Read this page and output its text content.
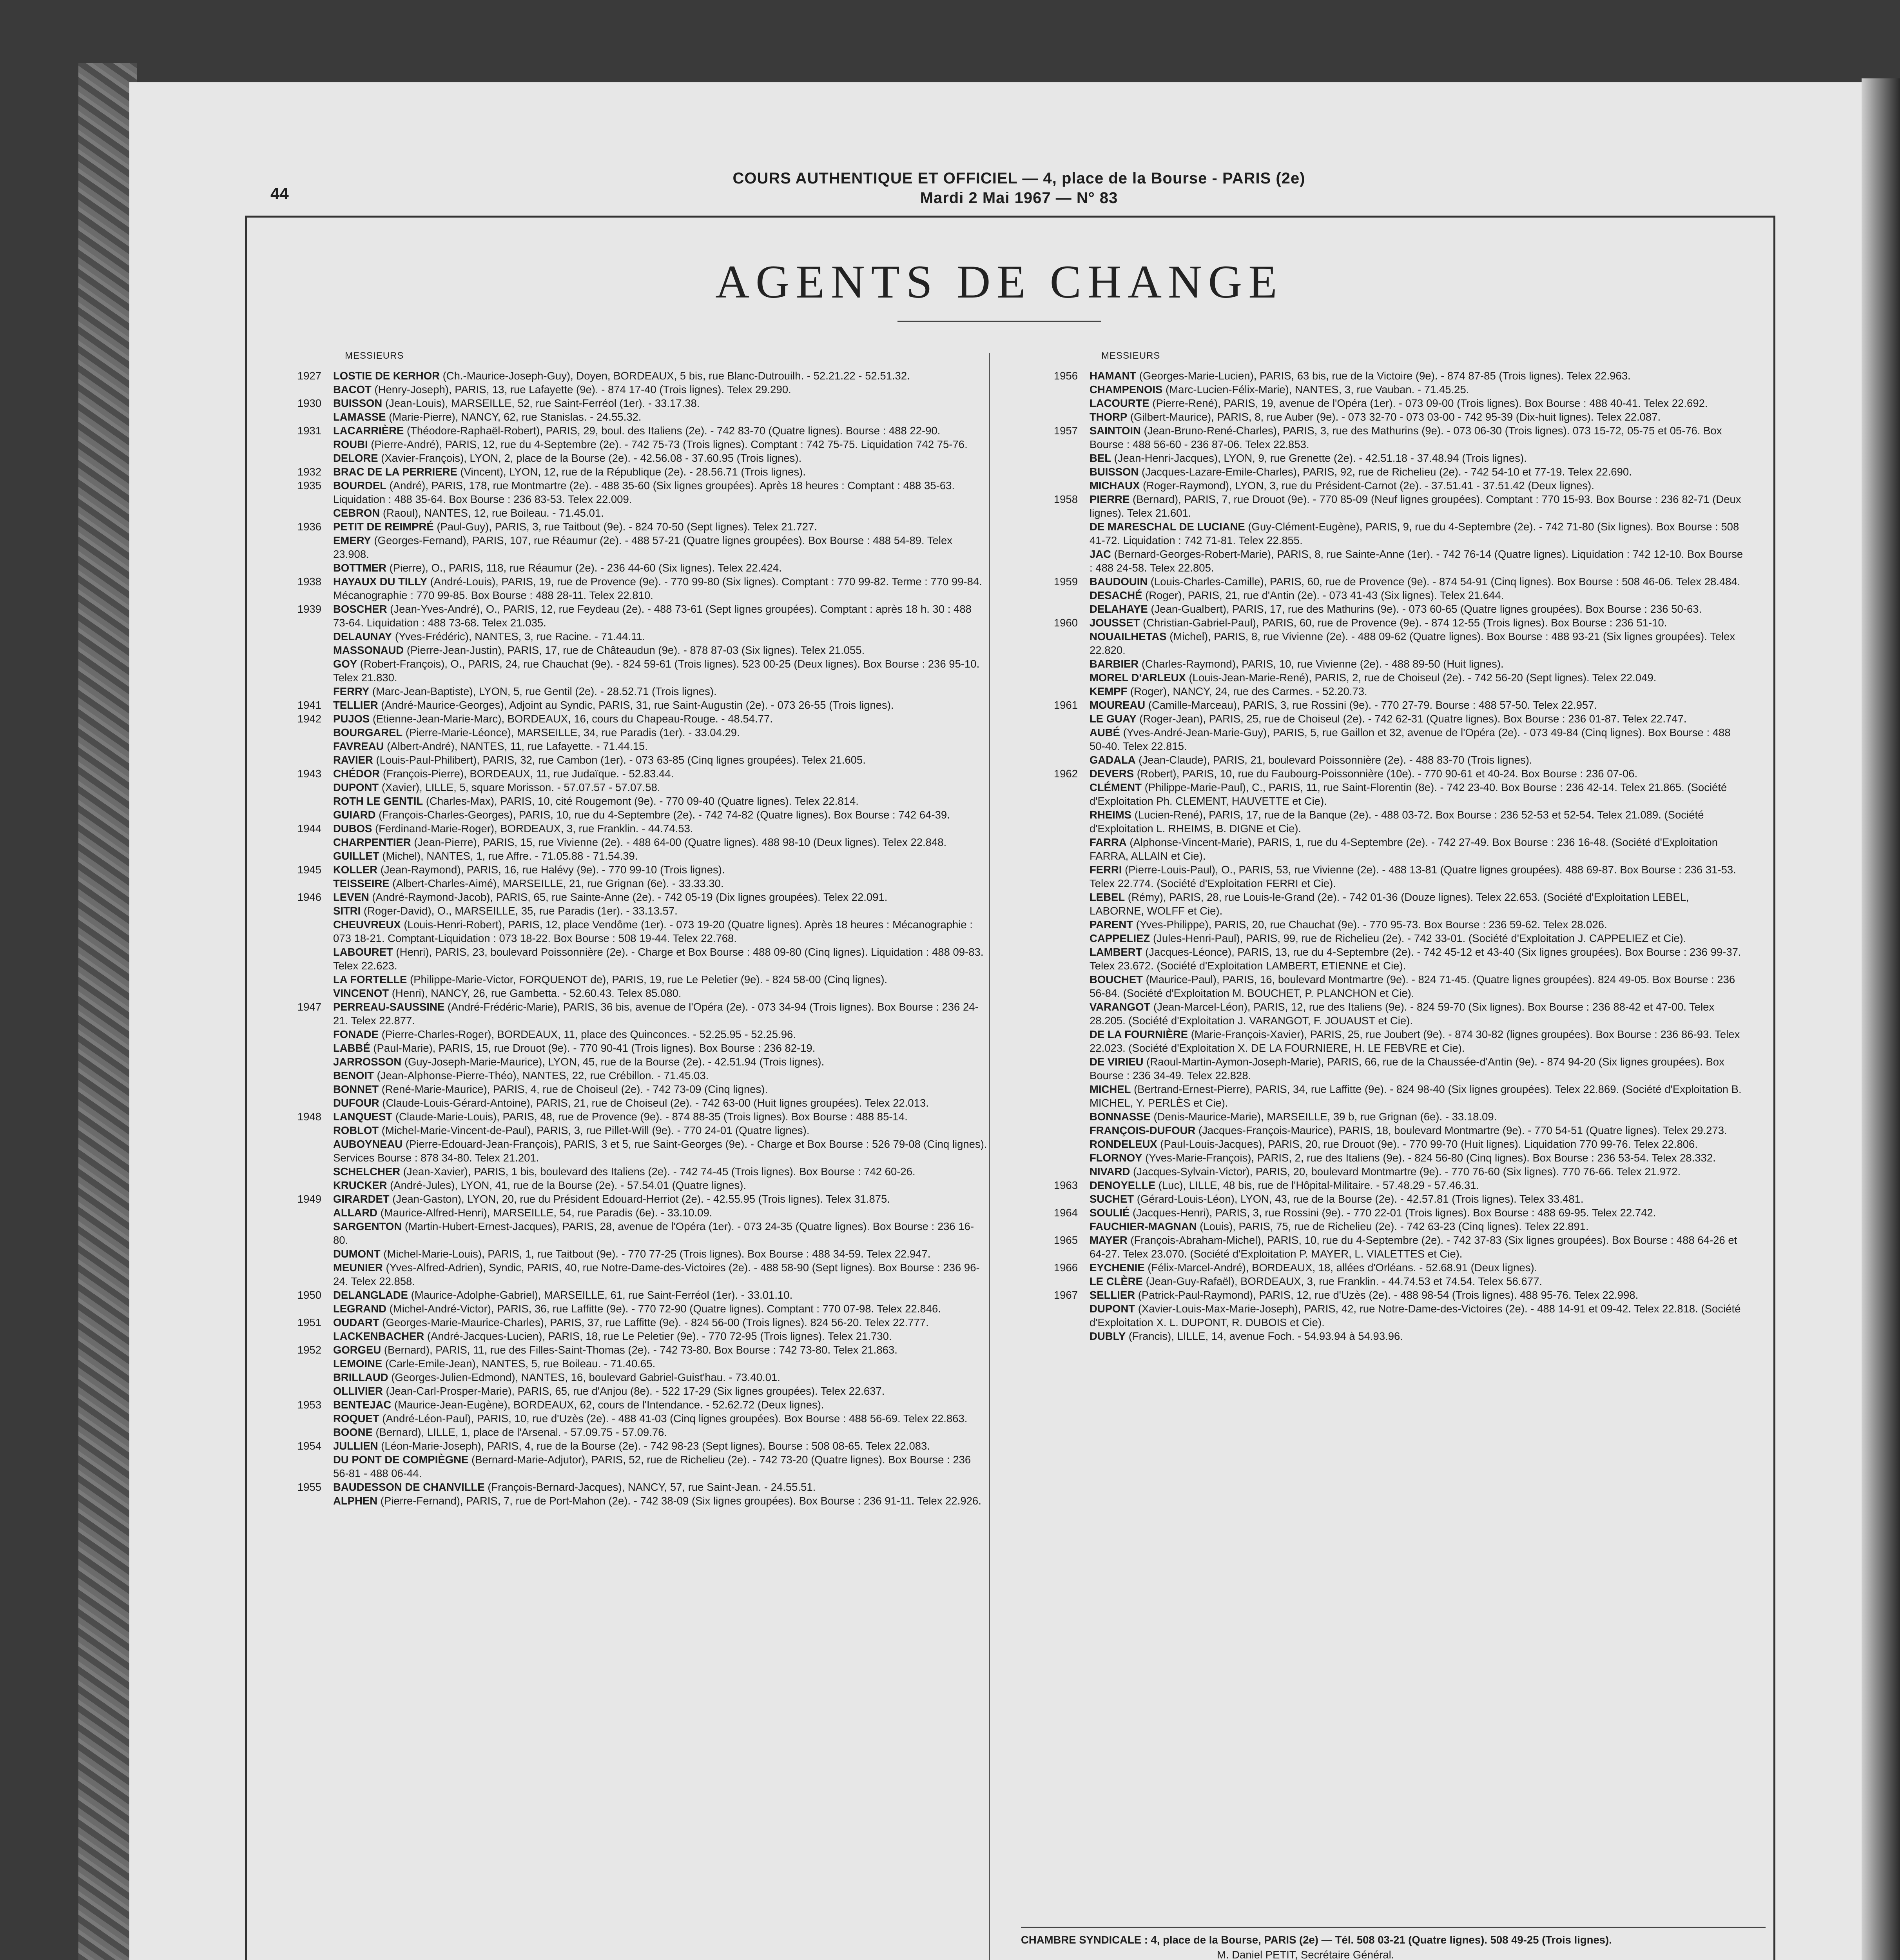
44
COURS AUTHENTIQUE ET OFFICIEL — 4, place de la Bourse - PARIS (2e)
Mardi 2 Mai 1967 — N° 83
AGENTS DE CHANGE
MESSIEURS

1927 LOSTIE DE KERHOR (Ch.-Maurice-Joseph-Guy), Doyen, BORDEAUX, 5 bis, rue Blanc-Dutrouilh. - 52.21.22 - 52.51.32.

BACOT (Henry-Joseph), PARIS, 13, rue Lafayette (9e). - 874 17-40 (Trois lignes). Telex 29.290.

1930 BUISSON (Jean-Louis), MARSEILLE, 52, rue Saint-Ferréol (1er). - 33.17.38.

LAMASSE (Marie-Pierre), NANCY, 62, rue Stanislas. - 24.55.32.

1931 LACARRIÈRE (Théodore-Raphaël-Robert), PARIS, 29, boul. des Italiens (2e). - 742 83-70 (Quatre lignes). Bourse : 488 22-90.

ROUBI (Pierre-André), PARIS, 12, rue du 4-Septembre (2e). - 742 75-73 (Trois lignes). Comptant : 742 75-75. Liquidation 742 75-76.

DELORE (Xavier-François), LYON, 2, place de la Bourse (2e). - 42.56.08 - 37.60.95 (Trois lignes).

1932 BRAC DE LA PERRIERE (Vincent), LYON, 12, rue de la République (2e). - 28.56.71 (Trois lignes).

1935 BOURDEL (André), PARIS, 178, rue Montmartre (2e). - 488 35-60 (Six lignes groupées). Après 18 heures : Comptant : 488 35-63. Liquidation : 488 35-64. Box Bourse : 236 83-53. Telex 22.009.

CEBRON (Raoul), NANTES, 12, rue Boileau. - 71.45.01.

1936 PETIT DE REIMPRÉ (Paul-Guy), PARIS, 3, rue Taitbout (9e). - 824 70-50 (Sept lignes). Telex 21.727.

EMERY (Georges-Fernand), PARIS, 107, rue Réaumur (2e). - 488 57-21 (Quatre lignes groupées). Box Bourse : 488 54-89. Telex 23.908.

BOTTMER (Pierre), O., PARIS, 118, rue Réaumur (2e). - 236 44-60 (Six lignes). Telex 22.424.

1938 HAYAUX DU TILLY (André-Louis), PARIS, 19, rue de Provence (9e). - 770 99-80 (Six lignes). Comptant : 770 99-82. Terme : 770 99-84. Mécanographie : 770 99-85. Box Bourse : 488 28-11. Telex 22.810.

1939 BOSCHER (Jean-Yves-André), O., PARIS, 12, rue Feydeau (2e). - 488 73-61 (Sept lignes groupées). Comptant : après 18 h. 30 : 488 73-64. Liquidation : 488 73-68. Telex 21.035.

DELAUNAY (Yves-Frédéric), NANTES, 3, rue Racine. - 71.44.11.

MASSONAUD (Pierre-Jean-Justin), PARIS, 17, rue de Châteaudun (9e). - 878 87-03 (Six lignes). Telex 21.055.

GOY (Robert-François), O., PARIS, 24, rue Chauchat (9e). - 824 59-61 (Trois lignes). 523 00-25 (Deux lignes). Box Bourse : 236 95-10. Telex 21.830.

FERRY (Marc-Jean-Baptiste), LYON, 5, rue Gentil (2e). - 28.52.71 (Trois lignes).

1941 TELLIER (André-Maurice-Georges), Adjoint au Syndic, PARIS, 31, rue Saint-Augustin (2e). - 073 26-55 (Trois lignes).

1942 PUJOS (Etienne-Jean-Marie-Marc), BORDEAUX, 16, cours du Chapeau-Rouge. - 48.54.77.

BOURGAREL (Pierre-Marie-Léonce), MARSEILLE, 34, rue Paradis (1er). - 33.04.29.

FAVREAU (Albert-André), NANTES, 11, rue Lafayette. - 71.44.15.

RAVIER (Louis-Paul-Philibert), PARIS, 32, rue Cambon (1er). - 073 63-85 (Cinq lignes groupées). Telex 21.605.

1943 CHÉDOR (François-Pierre), BORDEAUX, 11, rue Judaïque. - 52.83.44.

DUPONT (Xavier), LILLE, 5, square Morisson. - 57.07.57 - 57.07.58.

ROTH LE GENTIL (Charles-Max), PARIS, 10, cité Rougemont (9e). - 770 09-40 (Quatre lignes). Telex 22.814.

GUIARD (François-Charles-Georges), PARIS, 10, rue du 4-Septembre (2e). - 742 74-82 (Quatre lignes). Box Bourse : 742 64-39.

1944 DUBOS (Ferdinand-Marie-Roger), BORDEAUX, 3, rue Franklin. - 44.74.53.

CHARPENTIER (Jean-Pierre), PARIS, 15, rue Vivienne (2e). - 488 64-00 (Quatre lignes). 488 98-10 (Deux lignes). Telex 22.848.

GUILLET (Michel), NANTES, 1, rue Affre. - 71.05.88 - 71.54.39.

1945 KOLLER (Jean-Raymond), PARIS, 16, rue Halévy (9e). - 770 99-10 (Trois lignes).

TEISSEIRE (Albert-Charles-Aimé), MARSEILLE, 21, rue Grignan (6e). - 33.33.30.

1946 LEVEN (André-Raymond-Jacob), PARIS, 65, rue Sainte-Anne (2e). - 742 05-19 (Dix lignes groupées). Telex 22.091.

SITRI (Roger-David), O., MARSEILLE, 35, rue Paradis (1er). - 33.13.57.

CHEUVREUX (Louis-Henri-Robert), PARIS, 12, place Vendôme (1er). - 073 19-20 (Quatre lignes). Après 18 heures : Mécanographie : 073 18-21. Comptant-Liquidation : 073 18-22. Box Bourse : 508 19-44. Telex 22.768.

LABOURET (Henri), PARIS, 23, boulevard Poissonnière (2e). - Charge et Box Bourse : 488 09-80 (Cinq lignes). Liquidation : 488 09-83. Telex 22.623.

LA FORTELLE (Philippe-Marie-Victor, FORQUENOT de), PARIS, 19, rue Le Peletier (9e). - 824 58-00 (Cinq lignes).

VINCENOT (Henri), NANCY, 26, rue Gambetta. - 52.60.43. Telex 85.080.

1947 PERREAU-SAUSSINE (André-Frédéric-Marie), PARIS, 36 bis, avenue de l'Opéra (2e). - 073 34-94 (Trois lignes). Box Bourse : 236 24-21. Telex 22.877.

FONADE (Pierre-Charles-Roger), BORDEAUX, 11, place des Quinconces. - 52.25.95 - 52.25.96.

LABBÉ (Paul-Marie), PARIS, 15, rue Drouot (9e). - 770 90-41 (Trois lignes). Box Bourse : 236 82-19.

JARROSSON (Guy-Joseph-Marie-Maurice), LYON, 45, rue de la Bourse (2e). - 42.51.94 (Trois lignes).

BENOIT (Jean-Alphonse-Pierre-Théo), NANTES, 22, rue Crébillon. - 71.45.03.

BONNET (René-Marie-Maurice), PARIS, 4, rue de Choiseul (2e). - 742 73-09 (Cinq lignes).

DUFOUR (Claude-Louis-Gérard-Antoine), PARIS, 21, rue de Choiseul (2e). - 742 63-00 (Huit lignes groupées). Telex 22.013.

1948 LANQUEST (Claude-Marie-Louis), PARIS, 48, rue de Provence (9e). - 874 88-35 (Trois lignes). Box Bourse : 488 85-14.

ROBLOT (Michel-Marie-Vincent-de-Paul), PARIS, 3, rue Pillet-Will (9e). - 770 24-01 (Quatre lignes).

AUBOYNEAU (Pierre-Edouard-Jean-François), PARIS, 3 et 5, rue Saint-Georges (9e). - Charge et Box Bourse : 526 79-08 (Cinq lignes). Services Bourse : 878 34-80. Telex 21.201.

SCHELCHER (Jean-Xavier), PARIS, 1 bis, boulevard des Italiens (2e). - 742 74-45 (Trois lignes). Box Bourse : 742 60-26.

KRUCKER (André-Jules), LYON, 41, rue de la Bourse (2e). - 57.54.01 (Quatre lignes).

1949 GIRARDET (Jean-Gaston), LYON, 20, rue du Président Edouard-Herriot (2e). - 42.55.95 (Trois lignes). Telex 31.875.

ALLARD (Maurice-Alfred-Henri), MARSEILLE, 54, rue Paradis (6e). - 33.10.09.

SARGENTON (Martin-Hubert-Ernest-Jacques), PARIS, 28, avenue de l'Opéra (1er). - 073 24-35 (Quatre lignes). Box Bourse : 236 16-80.

DUMONT (Michel-Marie-Louis), PARIS, 1, rue Taitbout (9e). - 770 77-25 (Trois lignes). Box Bourse : 488 34-59. Telex 22.947.

MEUNIER (Yves-Alfred-Adrien), Syndic, PARIS, 40, rue Notre-Dame-des-Victoires (2e). - 488 58-90 (Sept lignes). Box Bourse : 236 96-24. Telex 22.858.

1950 DELANGLADE (Maurice-Adolphe-Gabriel), MARSEILLE, 61, rue Saint-Ferréol (1er). - 33.01.10.

LEGRAND (Michel-André-Victor), PARIS, 36, rue Laffitte (9e). - 770 72-90 (Quatre lignes). Comptant : 770 07-98. Telex 22.846.

1951 OUDART (Georges-Marie-Maurice-Charles), PARIS, 37, rue Laffitte (9e). - 824 56-00 (Trois lignes). 824 56-20. Telex 22.777.

LACKENBACHER (André-Jacques-Lucien), PARIS, 18, rue Le Peletier (9e). - 770 72-95 (Trois lignes). Telex 21.730.

1952 GORGEU (Bernard), PARIS, 11, rue des Filles-Saint-Thomas (2e). - 742 73-80. Box Bourse : 742 73-80. Telex 21.863.

LEMOINE (Carle-Emile-Jean), NANTES, 5, rue Boileau. - 71.40.65.

BRILLAUD (Georges-Julien-Edmond), NANTES, 16, boulevard Gabriel-Guist'hau. - 73.40.01.

OLLIVIER (Jean-Carl-Prosper-Marie), PARIS, 65, rue d'Anjou (8e). - 522 17-29 (Six lignes groupées). Telex 22.637.

1953 BENTEJAC (Maurice-Jean-Eugène), BORDEAUX, 62, cours de l'Intendance. - 52.62.72 (Deux lignes).

ROQUET (André-Léon-Paul), PARIS, 10, rue d'Uzès (2e). - 488 41-03 (Cinq lignes groupées). Box Bourse : 488 56-69. Telex 22.863.

BOONE (Bernard), LILLE, 1, place de l'Arsenal. - 57.09.75 - 57.09.76.

1954 JULLIEN (Léon-Marie-Joseph), PARIS, 4, rue de la Bourse (2e). - 742 98-23 (Sept lignes). Bourse : 508 08-65. Telex 22.083.

DU PONT DE COMPIÈGNE (Bernard-Marie-Adjutor), PARIS, 52, rue de Richelieu (2e). - 742 73-20 (Quatre lignes). Box Bourse : 236 56-81 - 488 06-44.

1955 BAUDESSON DE CHANVILLE (François-Bernard-Jacques), NANCY, 57, rue Saint-Jean. - 24.55.51.

ALPHEN (Pierre-Fernand), PARIS, 7, rue de Port-Mahon (2e). - 742 38-09 (Six lignes groupées). Box Bourse : 236 91-11. Telex 22.926.

MESSIEURS

1956 HAMANT (Georges-Marie-Lucien), PARIS, 63 bis, rue de la Victoire (9e). - 874 87-85 (Trois lignes). Telex 22.963.

CHAMPENOIS (Marc-Lucien-Félix-Marie), NANTES, 3, rue Vauban. - 71.45.25.

LACOURTE (Pierre-René), PARIS, 19, avenue de l'Opéra (1er). - 073 09-00 (Trois lignes). Box Bourse : 488 40-41. Telex 22.692.

THORP (Gilbert-Maurice), PARIS, 8, rue Auber (9e). - 073 32-70 - 073 03-00 - 742 95-39 (Dix-huit lignes). Telex 22.087.

1957 SAINTOIN (Jean-Bruno-René-Charles), PARIS, 3, rue des Mathurins (9e). - 073 06-30 (Trois lignes). 073 15-72, 05-75 et 05-76. Box Bourse : 488 56-60 - 236 87-06. Telex 22.853.

BEL (Jean-Henri-Jacques), LYON, 9, rue Grenette (2e). - 42.51.18 - 37.48.94 (Trois lignes).

BUISSON (Jacques-Lazare-Emile-Charles), PARIS, 92, rue de Richelieu (2e). - 742 54-10 et 77-19. Telex 22.690.

MICHAUX (Roger-Raymond), LYON, 3, rue du Président-Carnot (2e). - 37.51.41 - 37.51.42 (Deux lignes).

1958 PIERRE (Bernard), PARIS, 7, rue Drouot (9e). - 770 85-09 (Neuf lignes groupées). Comptant : 770 15-93. Box Bourse : 236 82-71 (Deux lignes). Telex 21.601.

DE MARESCHAL DE LUCIANE (Guy-Clément-Eugène), PARIS, 9, rue du 4-Septembre (2e). - 742 71-80 (Six lignes). Box Bourse : 508 41-72. Liquidation : 742 71-81. Telex 22.855.

JAC (Bernard-Georges-Robert-Marie), PARIS, 8, rue Sainte-Anne (1er). - 742 76-14 (Quatre lignes). Liquidation : 742 12-10. Box Bourse : 488 24-58. Telex 22.805.

1959 BAUDOUIN (Louis-Charles-Camille), PARIS, 60, rue de Provence (9e). - 874 54-91 (Cinq lignes). Box Bourse : 508 46-06. Telex 28.484.

DESACHÉ (Roger), PARIS, 21, rue d'Antin (2e). - 073 41-43 (Six lignes). Telex 21.644.

DELAHAYE (Jean-Gualbert), PARIS, 17, rue des Mathurins (9e). - 073 60-65 (Quatre lignes groupées). Box Bourse : 236 50-63.

1960 JOUSSET (Christian-Gabriel-Paul), PARIS, 60, rue de Provence (9e). - 874 12-55 (Trois lignes). Box Bourse : 236 51-10.

NOUAILHETAS (Michel), PARIS, 8, rue Vivienne (2e). - 488 09-62 (Quatre lignes). Box Bourse : 488 93-21 (Six lignes groupées). Telex 22.820.

BARBIER (Charles-Raymond), PARIS, 10, rue Vivienne (2e). - 488 89-50 (Huit lignes).

MOREL D'ARLEUX (Louis-Jean-Marie-René), PARIS, 2, rue de Choiseul (2e). - 742 56-20 (Sept lignes). Telex 22.049.

KEMPF (Roger), NANCY, 24, rue des Carmes. - 52.20.73.

1961 MOUREAU (Camille-Marceau), PARIS, 3, rue Rossini (9e). - 770 27-79. Bourse : 488 57-50. Telex 22.957.

LE GUAY (Roger-Jean), PARIS, 25, rue de Choiseul (2e). - 742 62-31 (Quatre lignes). Box Bourse : 236 01-87. Telex 22.747.

AUBÉ (Yves-André-Jean-Marie-Guy), PARIS, 5, rue Gaillon et 32, avenue de l'Opéra (2e). - 073 49-84 (Cinq lignes). Box Bourse : 488 50-40. Telex 22.815.

GADALA (Jean-Claude), PARIS, 21, boulevard Poissonnière (2e). - 488 83-70 (Trois lignes).

1962 DEVERS (Robert), PARIS, 10, rue du Faubourg-Poissonnière (10e). - 770 90-61 et 40-24. Box Bourse : 236 07-06.

CLÉMENT (Philippe-Marie-Paul), C., PARIS, 11, rue Saint-Florentin (8e). - 742 23-40. Box Bourse : 236 42-14. Telex 21.865. (Société d'Exploitation Ph. CLEMENT, HAUVETTE et Cie).

RHEIMS (Lucien-René), PARIS, 17, rue de la Banque (2e). - 488 03-72. Box Bourse : 236 52-53 et 52-54. Telex 21.089. (Société d'Exploitation L. RHEIMS, B. DIGNE et Cie).

FARRA (Alphonse-Vincent-Marie), PARIS, 1, rue du 4-Septembre (2e). - 742 27-49. Box Bourse : 236 16-48. (Société d'Exploitation FARRA, ALLAIN et Cie).

FERRI (Pierre-Louis-Paul), O., PARIS, 53, rue Vivienne (2e). - 488 13-81 (Quatre lignes groupées). 488 69-87. Box Bourse : 236 31-53. Telex 22.774. (Société d'Exploitation FERRI et Cie).

LEBEL (Rémy), PARIS, 28, rue Louis-le-Grand (2e). - 742 01-36 (Douze lignes). Telex 22.653. (Société d'Exploitation LEBEL, LABORNE, WOLFF et Cie).

PARENT (Yves-Philippe), PARIS, 20, rue Chauchat (9e). - 770 95-73. Box Bourse : 236 59-62. Telex 28.026.

CAPPELIEZ (Jules-Henri-Paul), PARIS, 99, rue de Richelieu (2e). - 742 33-01. (Société d'Exploitation J. CAPPELIEZ et Cie).

LAMBERT (Jacques-Léonce), PARIS, 13, rue du 4-Septembre (2e). - 742 45-12 et 43-40 (Six lignes groupées). Box Bourse : 236 99-37. Telex 23.672. (Société d'Exploitation LAMBERT, ETIENNE et Cie).

BOUCHET (Maurice-Paul), PARIS, 16, boulevard Montmartre (9e). - 824 71-45. (Quatre lignes groupées). 824 49-05. Box Bourse : 236 56-84. (Société d'Exploitation M. BOUCHET, P. PLANCHON et Cie).

VARANGOT (Jean-Marcel-Léon), PARIS, 12, rue des Italiens (9e). - 824 59-70 (Six lignes). Box Bourse : 236 88-42 et 47-00. Telex 28.205. (Société d'Exploitation J. VARANGOT, F. JOUAUST et Cie).

DE LA FOURNIÈRE (Marie-François-Xavier), PARIS, 25, rue Joubert (9e). - 874 30-82 (lignes groupées). Box Bourse : 236 86-93. Telex 22.023. (Société d'Exploitation X. DE LA FOURNIERE, H. LE FEBVRE et Cie).

DE VIRIEU (Raoul-Martin-Aymon-Joseph-Marie), PARIS, 66, rue de la Chaussée-d'Antin (9e). - 874 94-20 (Six lignes groupées). Box Bourse : 236 34-49. Telex 22.828.

MICHEL (Bertrand-Ernest-Pierre), PARIS, 34, rue Laffitte (9e). - 824 98-40 (Six lignes groupées). Telex 22.869. (Société d'Exploitation B. MICHEL, Y. PERLÈS et Cie).

BONNASSE (Denis-Maurice-Marie), MARSEILLE, 39 b, rue Grignan (6e). - 33.18.09.

FRANÇOIS-DUFOUR (Jacques-François-Maurice), PARIS, 18, boulevard Montmartre (9e). - 770 54-51 (Quatre lignes). Telex 29.273.

RONDELEUX (Paul-Louis-Jacques), PARIS, 20, rue Drouot (9e). - 770 99-70 (Huit lignes). Liquidation 770 99-76. Telex 22.806.

FLORNOY (Yves-Marie-François), PARIS, 2, rue des Italiens (9e). - 824 56-80 (Cinq lignes). Box Bourse : 236 53-54. Telex 28.332.

NIVARD (Jacques-Sylvain-Victor), PARIS, 20, boulevard Montmartre (9e). - 770 76-60 (Six lignes). 770 76-66. Telex 21.972.

1963 DENOYELLE (Luc), LILLE, 48 bis, rue de l'Hôpital-Militaire. - 57.48.29 - 57.46.31.

SUCHET (Gérard-Louis-Léon), LYON, 43, rue de la Bourse (2e). - 42.57.81 (Trois lignes). Telex 33.481.

1964 SOULIÉ (Jacques-Henri), PARIS, 3, rue Rossini (9e). - 770 22-01 (Trois lignes). Box Bourse : 488 69-95. Telex 22.742.

FAUCHIER-MAGNAN (Louis), PARIS, 75, rue de Richelieu (2e). - 742 63-23 (Cinq lignes). Telex 22.891.

1965 MAYER (François-Abraham-Michel), PARIS, 10, rue du 4-Septembre (2e). - 742 37-83 (Six lignes groupées). Box Bourse : 488 64-26 et 64-27. Telex 23.070. (Société d'Exploitation P. MAYER, L. VIALETTES et Cie).

1966 EYCHENIE (Félix-Marcel-André), BORDEAUX, 18, allées d'Orléans. - 52.68.91 (Deux lignes).

LE CLÈRE (Jean-Guy-Rafaël), BORDEAUX, 3, rue Franklin. - 44.74.53 et 74.54. Telex 56.677.

1967 SELLIER (Patrick-Paul-Raymond), PARIS, 12, rue d'Uzès (2e). - 488 98-54 (Trois lignes). 488 95-76. Telex 22.998.

DUPONT (Xavier-Louis-Max-Marie-Joseph), PARIS, 42, rue Notre-Dame-des-Victoires (2e). - 488 14-91 et 09-42. Telex 22.818. (Société d'Exploitation X. L. DUPONT, R. DUBOIS et Cie).

DUBLY (Francis), LILLE, 14, avenue Foch. - 54.93.94 à 54.93.96.

CHAMBRE SYNDICALE : 4, place de la Bourse, PARIS (2e) — Tél. 508 03-21 (Quatre lignes). 508 49-25 (Trois lignes).
M. Daniel PETIT, Secrétaire Général.
